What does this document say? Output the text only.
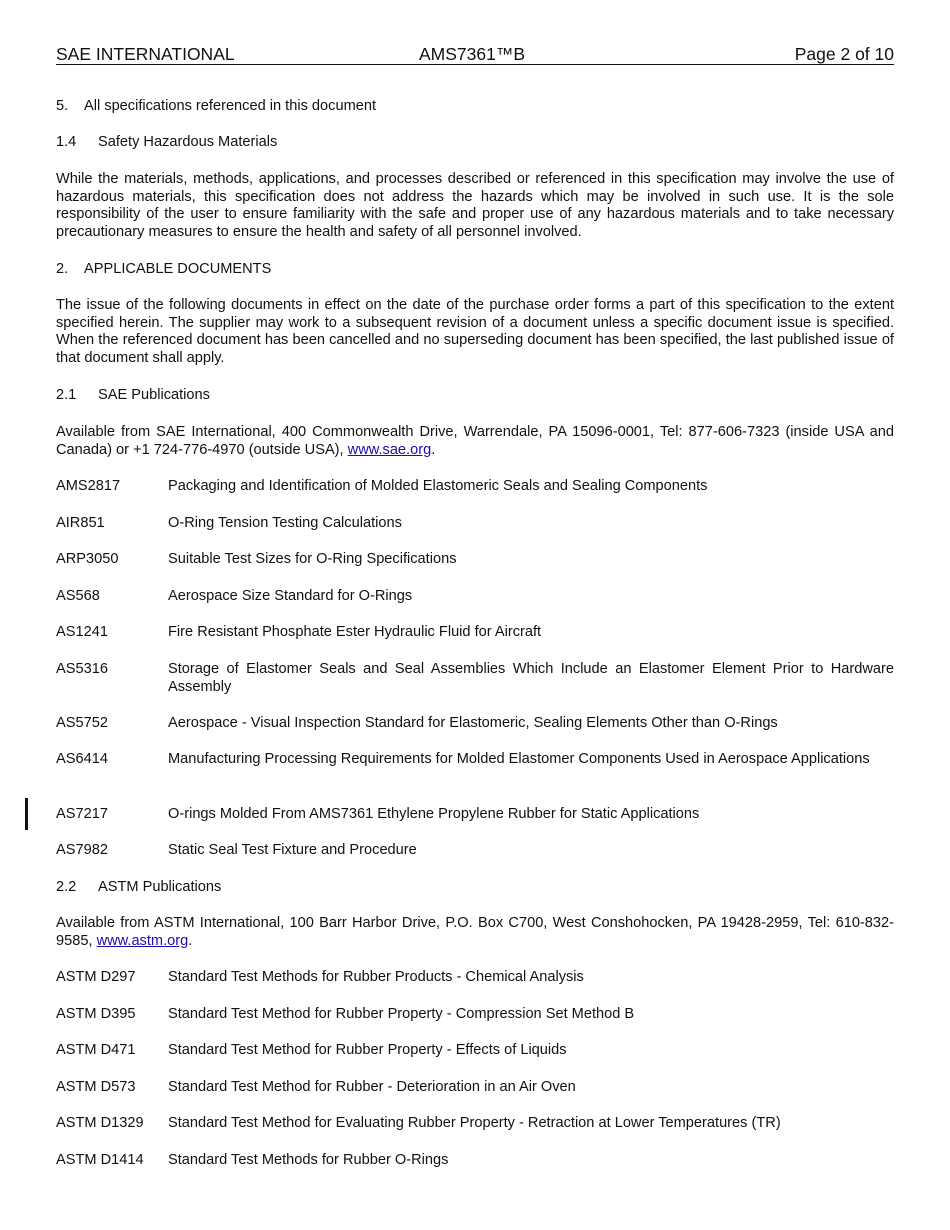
SAE INTERNATIONAL	AMS7361™B	Page 2 of 10
5. All specifications referenced in this document
1.4 Safety Hazardous Materials
While the materials, methods, applications, and processes described or referenced in this specification may involve the use of hazardous materials, this specification does not address the hazards which may be involved in such use. It is the sole responsibility of the user to ensure familiarity with the safe and proper use of any hazardous materials and to take necessary precautionary measures to ensure the health and safety of all personnel involved.
2. APPLICABLE DOCUMENTS
The issue of the following documents in effect on the date of the purchase order forms a part of this specification to the extent specified herein. The supplier may work to a subsequent revision of a document unless a specific document issue is specified. When the referenced document has been cancelled and no superseding document has been specified, the last published issue of that document shall apply.
2.1 SAE Publications
Available from SAE International, 400 Commonwealth Drive, Warrendale, PA 15096-0001, Tel: 877-606-7323 (inside USA and Canada) or +1 724-776-4970 (outside USA), www.sae.org.
AMS2817	Packaging and Identification of Molded Elastomeric Seals and Sealing Components
AIR851	O-Ring Tension Testing Calculations
ARP3050	Suitable Test Sizes for O-Ring Specifications
AS568	Aerospace Size Standard for O-Rings
AS1241	Fire Resistant Phosphate Ester Hydraulic Fluid for Aircraft
AS5316	Storage of Elastomer Seals and Seal Assemblies Which Include an Elastomer Element Prior to Hardware Assembly
AS5752	Aerospace - Visual Inspection Standard for Elastomeric, Sealing Elements Other than O-Rings
AS6414	Manufacturing Processing Requirements for Molded Elastomer Components Used in Aerospace Applications
AS7217	O-rings Molded From AMS7361 Ethylene Propylene Rubber for Static Applications
AS7982	Static Seal Test Fixture and Procedure
2.2 ASTM Publications
Available from ASTM International, 100 Barr Harbor Drive, P.O. Box C700, West Conshohocken, PA 19428-2959, Tel: 610-832-9585, www.astm.org.
ASTM D297 Standard Test Methods for Rubber Products - Chemical Analysis
ASTM D395 Standard Test Method for Rubber Property - Compression Set Method B
ASTM D471 Standard Test Method for Rubber Property - Effects of Liquids
ASTM D573 Standard Test Method for Rubber - Deterioration in an Air Oven
ASTM D1329 Standard Test Method for Evaluating Rubber Property - Retraction at Lower Temperatures (TR)
ASTM D1414 Standard Test Methods for Rubber O-Rings
